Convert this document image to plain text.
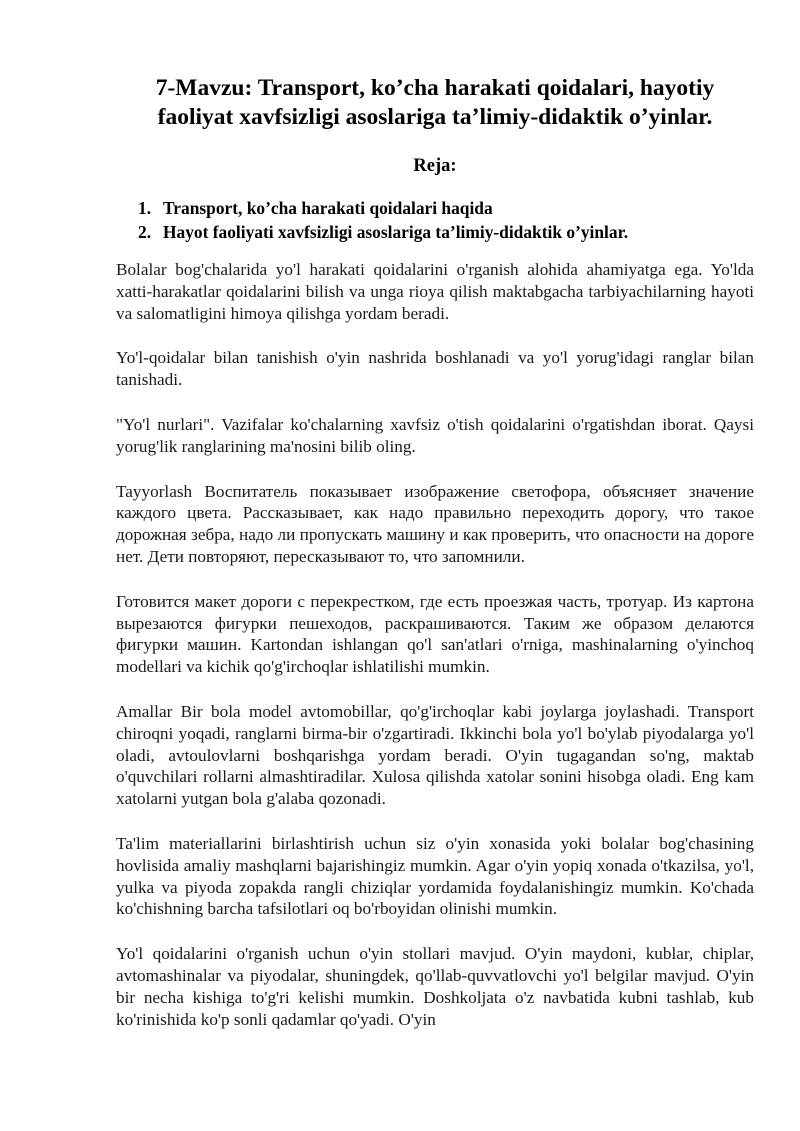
7-Mavzu: Transport, ko’cha harakati qoidalari, hayotiy
faoliyat xavfsizligi asoslariga ta’limiy-didaktik o’yinlar.
Reja:
1. Transport, ko’cha harakati qoidalari haqida
2. Hayot faoliyati xavfsizligi asoslariga ta’limiy-didaktik o’yinlar.

Bolalar bog'chalarida yo'l harakati qoidalarini o'rganish alohida ahamiyatga ega. Yo'lda xatti-harakatlar qoidalarini bilish va unga rioya qilish maktabgacha tarbiyachilarning hayoti va salomatligini himoya qilishga yordam beradi.

Yo'l-qoidalar bilan tanishish o'yin nashrida boshlanadi va yo'l yorug'idagi ranglar bilan tanishadi.

"Yo'l nurlari". Vazifalar ko'chalarning xavfsiz o'tish qoidalarini o'rgatishdan iborat. Qaysi yorug'lik ranglarining ma'nosini bilib oling.

Tayyorlash Воспитатель показывает изображение светофора, объясняет значение каждого цвета. Рассказывает, как надо правильно переходить дорогу, что такое дорожная зебра, надо ли пропускать машину и как проверить, что опасности на дороге нет. Дети повторяют, пересказывают то, что запомнили.

Готовится макет дороги с перекрестком, где есть проезжая часть, тротуар. Из картона вырезаются фигурки пешеходов, раскрашиваются. Таким же образом делаются фигурки машин. Kartondan ishlangan qo'l san'atlari o'rniga, mashinalarning o'yinchoq modellari va kichik qo'g'irchoqlar ishlatilishi mumkin.

Amallar Bir bola model avtomobillar, qo'g'irchoqlar kabi joylarga joylashadi. Transport chiroqni yoqadi, ranglarni birma-bir o'zgartiradi. Ikkinchi bola yo'l bo'ylab piyodalarga yo'l oladi, avtoulovlarni boshqarishga yordam beradi. O'yin tugagandan so'ng, maktab o'quvchilari rollarni almashtiradilar. Xulosa qilishda xatolar sonini hisobga oladi. Eng kam xatolarni yutgan bola g'alaba qozonadi.

Ta'lim materiallarini birlashtirish uchun siz o'yin xonasida yoki bolalar bog'chasining hovlisida amaliy mashqlarni bajarishingiz mumkin. Agar o'yin yopiq xonada o'tkazilsa, yo'l, yulka va piyoda zopakda rangli chiziqlar yordamida foydalanishingiz mumkin. Ko'chada ko'chishning barcha tafsilotlari oq bo'rboyidan olinishi mumkin.

Yo'l qoidalarini o'rganish uchun o'yin stollari mavjud. O'yin maydoni, kublar, chiplar, avtomashinalar va piyodalar, shuningdek, qo'llab-quvvatlovchi yo'l belgilar mavjud. O'yin bir necha kishiga to'g'ri kelishi mumkin. Doshkoljata o'z navbatida kubni tashlab, kub ko'rinishida ko'p sonli qadamlar qo'yadi. O'yin
